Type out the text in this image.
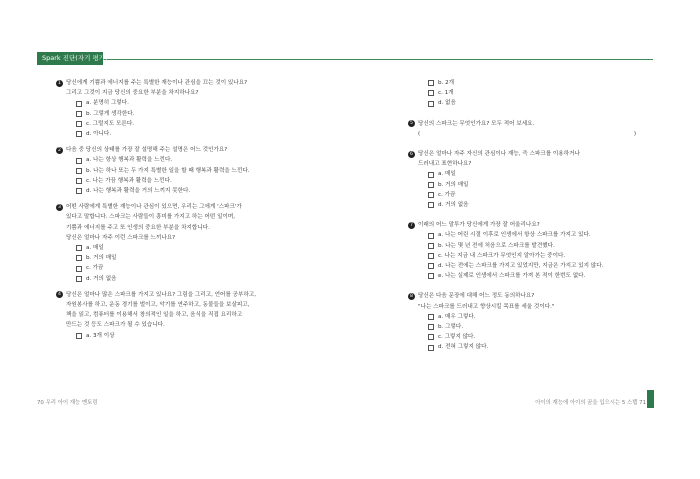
Spark 진단(자기 평가)
1 당신에게 기쁨과 에너지를 주는 특별한 재능이나 관심을 끄는 것이 있나요?
그리고 그것이 지금 당신의 중요한 부분을 차지하나요?
a. 분명히 그렇다.
b. 그렇게 생각한다.
c. 그럴지도 모른다.
d. 아니다.
2 다음 중 당신의 상태를 가장 잘 설명해 주는 설명은 어느 것인가요?
a. 나는 항상 행복과 활력을 느낀다.
b. 나는 하나 또는 두 가지 특별한 일을 할 때 행복과 활력을 느낀다.
c. 나는 가끔 행복과 활력을 느낀다.
d. 나는 행복과 활력을 거의 느끼지 못한다.
3 어떤 사람에게 특별한 재능이나 관심이 있으면, 우리는 그에게 '스파크'가
있다고 말합니다. 스파크는 사람들이 흥미를 가지고 하는 어떤 일이며,
기쁨과 에너지를 주고 또 인생의 중요한 부분을 차지합니다.
당신은 얼마나 자주 이런 스파크를 느끼나요?
a. 매일
b. 거의 매일
c. 가끔
d. 거의 없음
4 당신은 얼마나 많은 스파크를 가지고 있나요? 그림을 그리고, 언어를 공부하고,
자원봉사를 하고, 운동 경기를 벌이고, 악기를 연주하고, 동물들을 보살피고,
책을 읽고, 컴퓨터를 이용해서 창의적인 일을 하고, 음식을 직접 요리하고
만드는 것 등도 스파크가 될 수 있습니다.
a. 3개 이상
b. 2개
c. 1개
d. 없음
5 당신의 스파크는 무엇인가요? 모두 적어 보세요.
(	)
6 당신은 얼마나 자주 자신의 관심이나 재능, 즉 스파크를 이용하거나
드러내고 표현하나요?
a. 매일
b. 거의 매일
c. 가끔
d. 거의 없음
7 이래의 어느 말투가 당신에게 가장 잘 어울리나요?
a. 나는 어린 시절 이후로 인생에서 항상 스파크를 가지고 있다.
b. 나는 몇 년 전에 처음으로 스파크를 발견했다.
c. 나는 지금 내 스파크가 무엇인지 알아가는 중이다.
d. 나는 전에는 스파크를 가지고 있었지만, 지금은 가지고 있지 않다.
e. 나는 실제로 인생에서 스파크를 가져 본 적이 한번도 없다.
8 당신은 다음 문장에 대해 어느 정도 동의하나요?
"나는 스파크를 드러내고 향상시킬 목표를 세울 것이다."
a. 매우 그렇다.
b. 그렇다.
c. 그렇지 않다.
d. 전혀 그렇지 않다.
70 우리 아이 재능 멘토링	아이의 재능에 아이의 꿈을 입으시는 5 스텝 71
